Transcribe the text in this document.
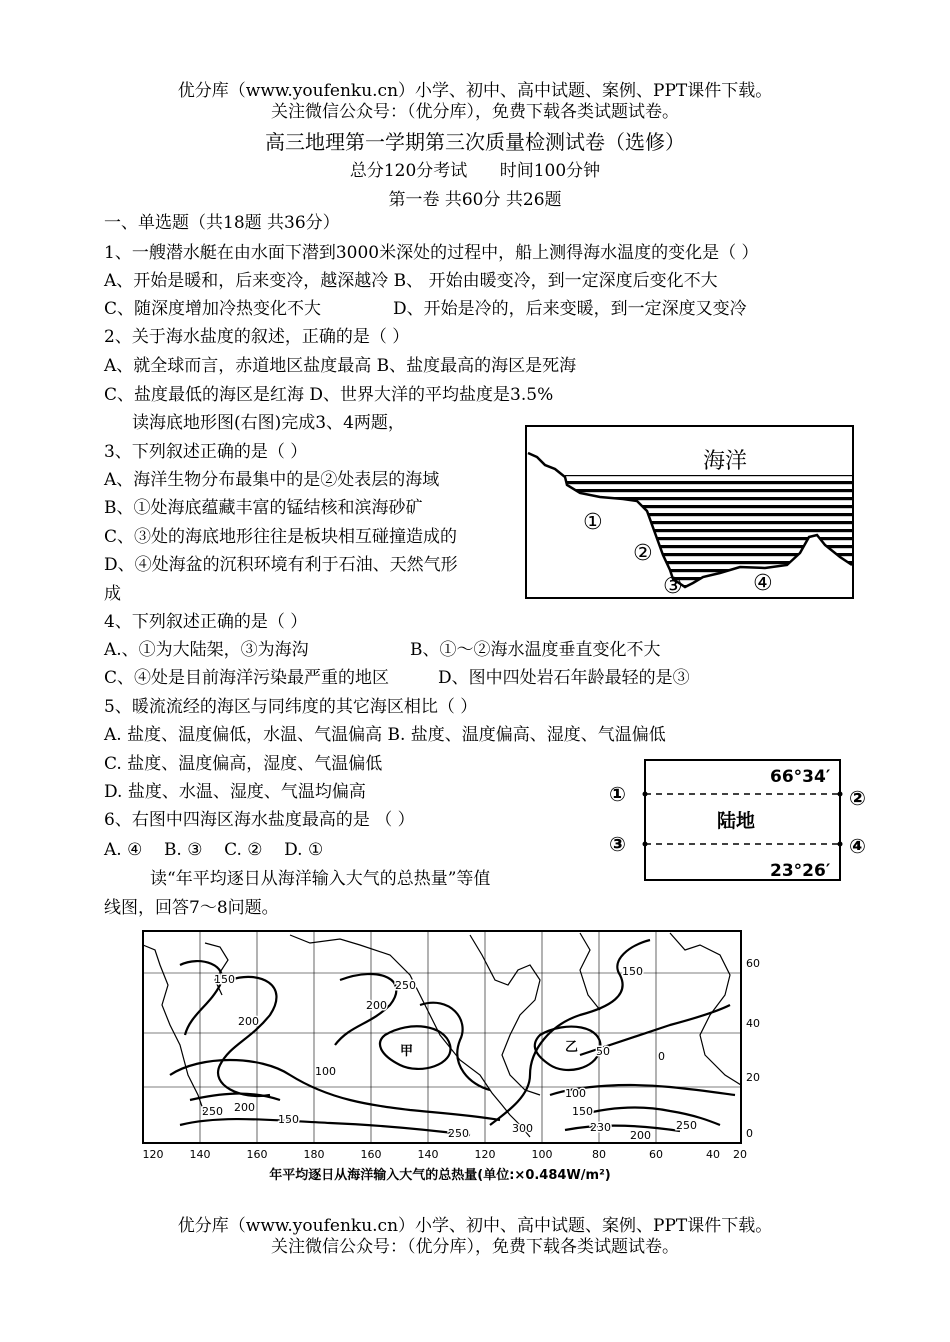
优分库（www.youfenku.cn）小学、初中、高中试题、案例、PPT课件下载。

关注微信公众号：（优分库），免费下载各类试题试卷。

高三地理第一学期第三次质量检测试卷（选修）

总分120分考试      时间100分钟

第一卷 共60分 共26题

一、单选题（共18题 共36分）

1、一艘潜水艇在由水面下潜到3000米深处的过程中，船上测得海水温度的变化是（ ）

A、开始是暖和，后来变冷，越深越冷 B、 开始由暖变冷，到一定深度后变化不大

C、随深度增加冷热变化不大	D、开始是冷的，后来变暖，到一定深度又变冷

2、关于海水盐度的叙述，正确的是（ ）

A、就全球而言，赤道地区盐度最高 B、盐度最高的海区是死海

C、盐度最低的海区是红海 D、世界大洋的平均盐度是3.5%

读海底地形图(右图)完成3、4两题，

3、下列叙述正确的是（ ）

A、海洋生物分布最集中的是②处表层的海域

B、①处海底蕴藏丰富的锰结核和滨海砂矿

C、③处的海底地形往往是板块相互碰撞造成的

D、④处海盆的沉积环境有利于石油、天然气形

成

海洋
①
②
③	④

4、下列叙述正确的是（ ）

A.、①为大陆架，③为海沟	B、①～②海水温度垂直变化不大

C、④处是目前海洋污染最严重的地区	D、图中四处岩石年龄最轻的是③

5、暖流流经的海区与同纬度的其它海区相比（ ）

A. 盐度、温度偏低，水温、气温偏高 B. 盐度、温度偏高、湿度、气温偏低

C. 盐度、温度偏高，湿度、气温偏低

D. 盐度、水温、湿度、气温均偏高

6、右图中四海区海水盐度最高的是 （ ）

A. ④    B. ③    C. ②    D. ①

66°34′
23°26′
陆地
①	②
③	④

读“年平均逐日从海洋输入大气的总热量”等值

线图，回答7～8问题。

120 140	160	180	160	140	120	100	80	60	40 20
60
40
20
0
150
200
250 200
100
150
200
250
250	300
150
150
100
50	0
230
200
250
甲	乙
年平均逐日从海洋输入大气的总热量(单位:×0.484W/m²)

优分库（www.youfenku.cn）小学、初中、高中试题、案例、PPT课件下载。

关注微信公众号：（优分库），免费下载各类试题试卷。
